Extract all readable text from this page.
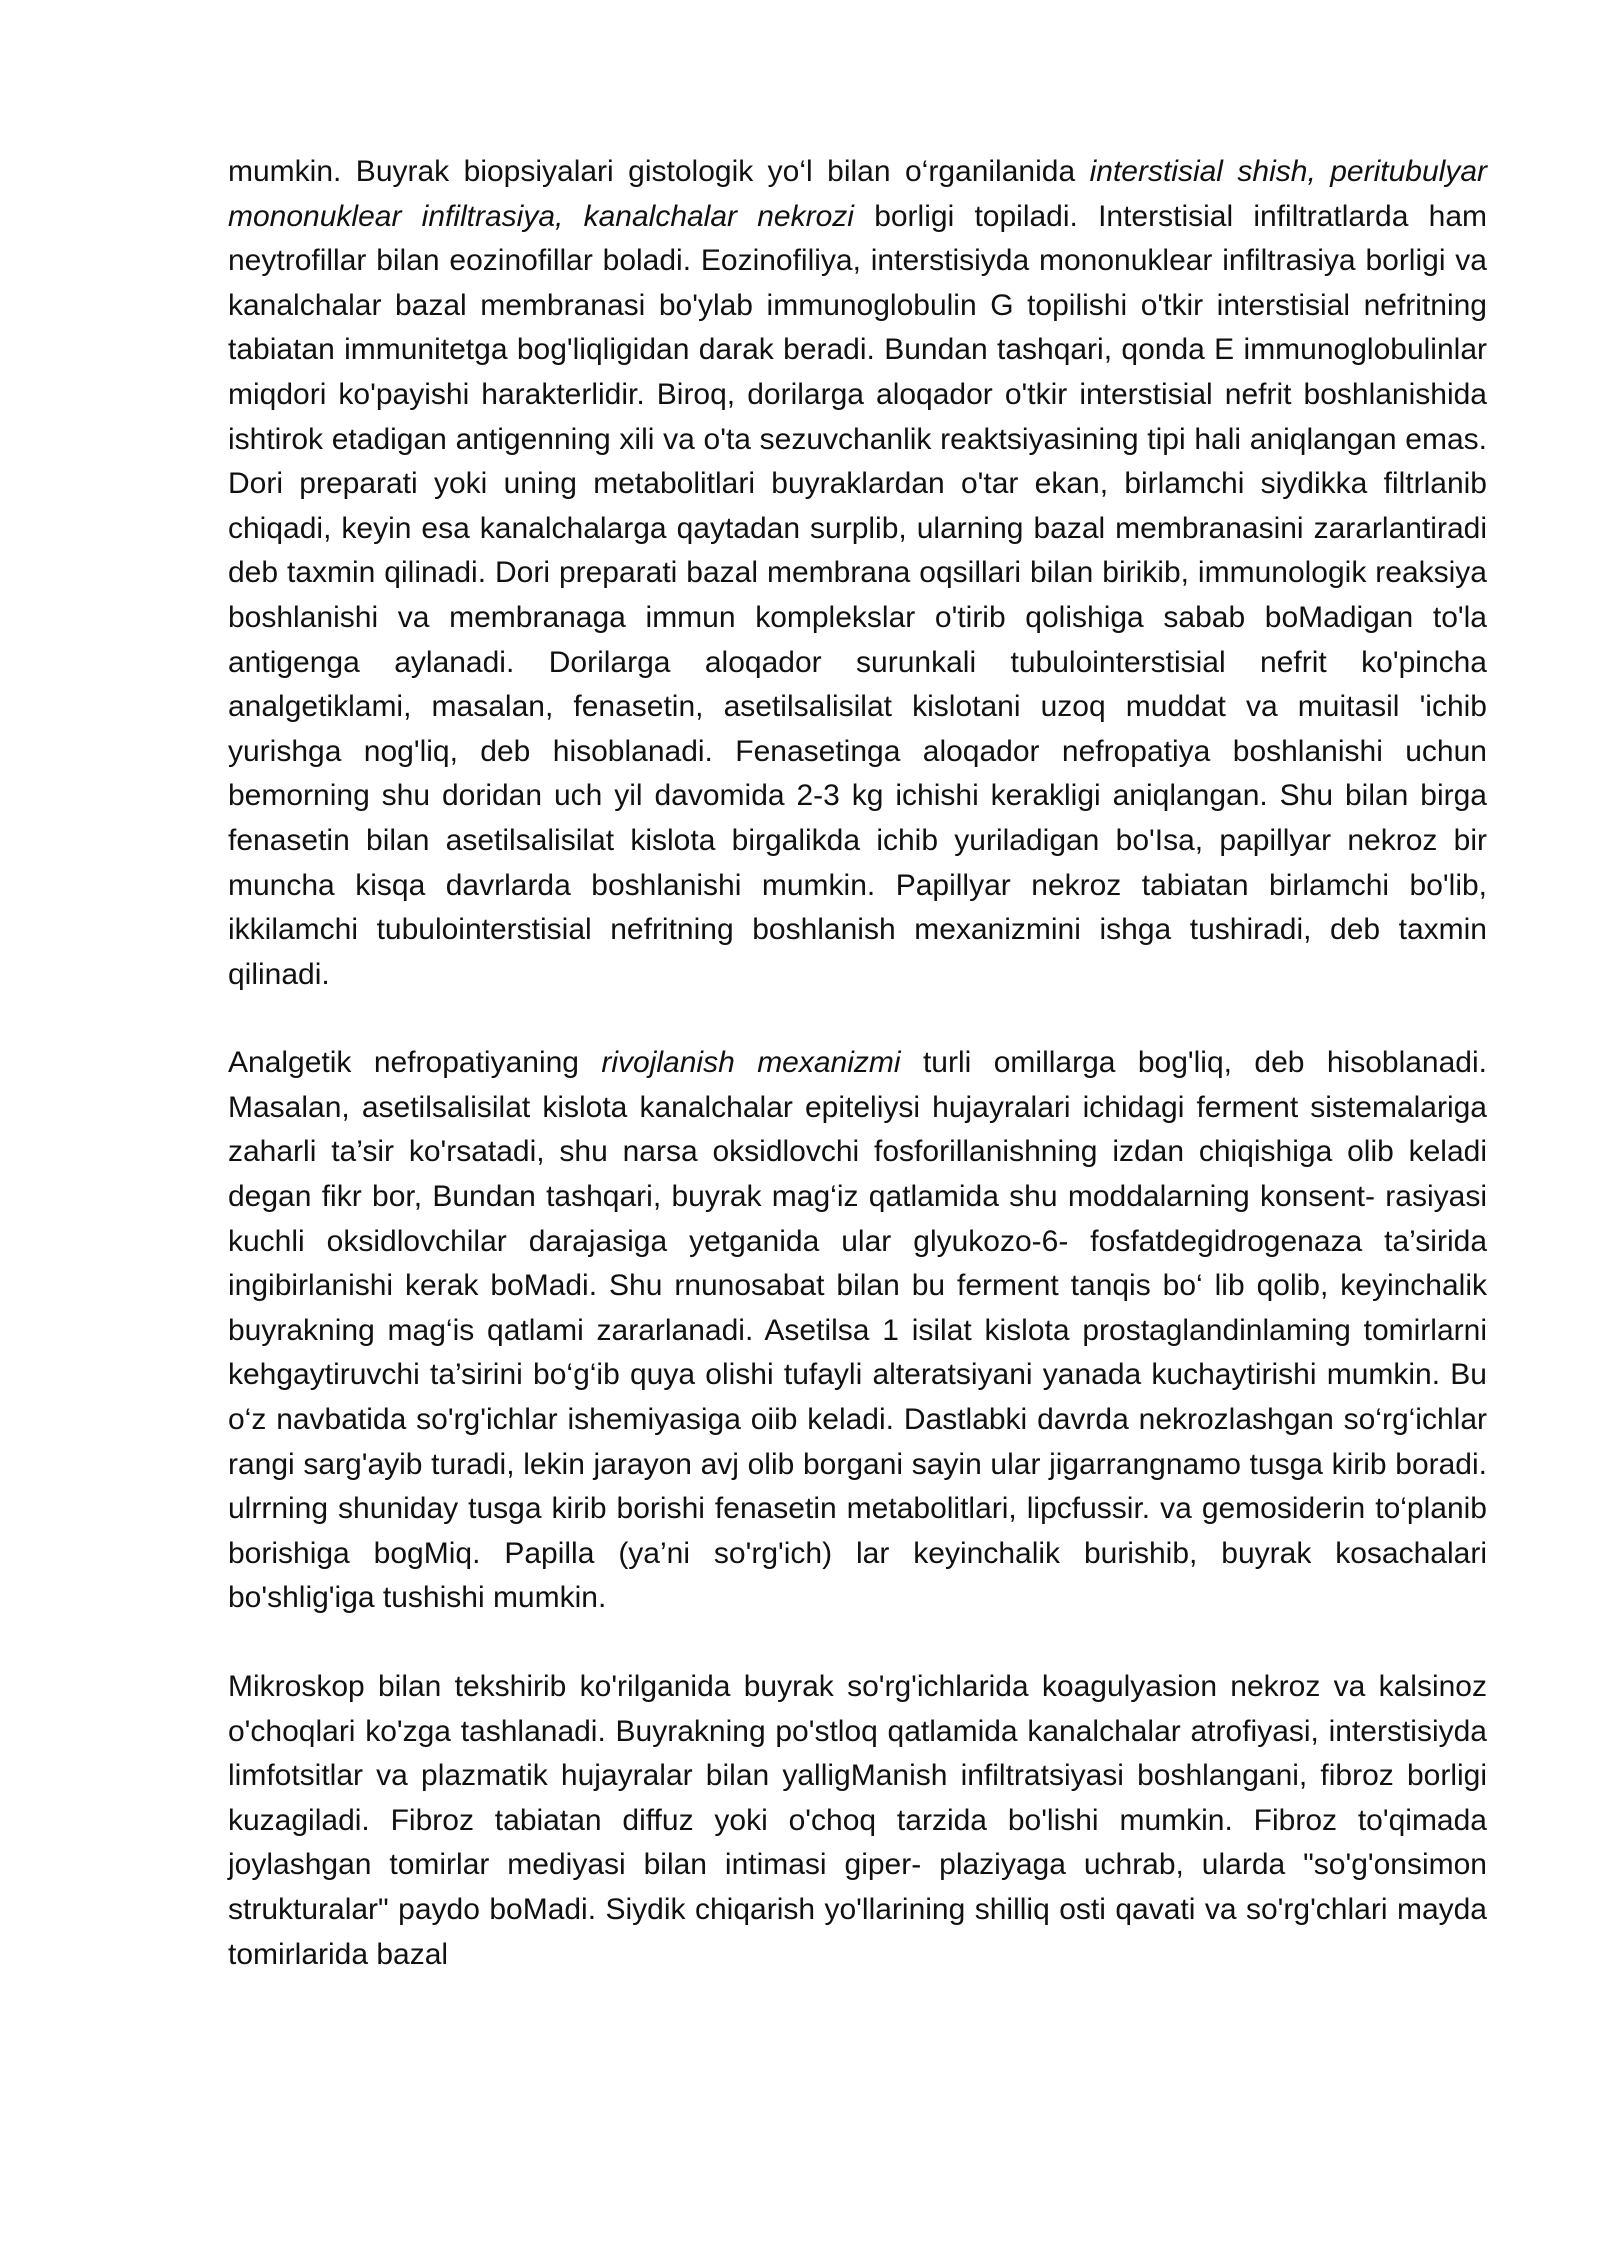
mumkin. Buyrak biopsiyalari gistologik yo‘l bilan o‘rganilanida interstisial shish, peritubulyar mononuklear infiltrasiya, kanalchalar nekrozi borligi topiladi. Interstisial infiltratlarda ham neytrofillar bilan eozinofillar boladi. Eozinofiliya, interstisiyda mononuklear infiltrasiya borligi va kanalchalar bazal membranasi bo'ylab immunoglobulin G topilishi o'tkir interstisial nefritning tabiatan immunitetga bog'liqligidan darak beradi. Bundan tashqari, qonda E immunoglobulinlar miqdori ko'payishi harakterlidir. Biroq, dorilarga aloqador o'tkir interstisial nefrit boshlanishida ishtirok etadigan antigenning xili va o'ta sezuvchanlik reaktsiyasining tipi hali aniqlangan emas. Dori preparati yoki uning metabolitlari buyraklardan o'tar ekan, birlamchi siydikka filtrlanib chiqadi, keyin esa kanalchalarga qaytadan surplib, ularning bazal membranasini zararlantiradi deb taxmin qilinadi. Dori preparati bazal membrana oqsillari bilan birikib, immunologik reaksiya boshlanishi va membranaga immun komplekslar o'tirib qolishiga sabab boMadigan to'la antigenga aylanadi. Dorilarga aloqador surunkali tubulointerstisial nefrit ko'pincha analgetiklami, masalan, fenasetin, asetilsalisilat kislotani uzoq muddat va muitasil 'ichib yurishga nog'liq, deb hisoblanadi. Fenasetinga aloqador nefropatiya boshlanishi uchun bemorning shu doridan uch yil davomida 2-3 kg ichishi kerakligi aniqlangan. Shu bilan birga fenasetin bilan asetilsalisilat kislota birgalikda ichib yuriladigan bo'Isa, papillyar nekroz bir muncha kisqa davrlarda boshlanishi mumkin. Papillyar nekroz tabiatan birlamchi bo'lib, ikkilamchi tubulointerstisial nefritning boshlanish mexanizmini ishga tushiradi, deb taxmin qilinadi.

Analgetik nefropatiyaning rivojlanish mexanizmi turli omillarga bog'liq, deb hisoblanadi. Masalan, asetilsalisilat kislota kanalchalar epiteliysi hujayralari ichidagi ferment sistemalariga zaharli ta’sir ko'rsatadi, shu narsa oksidlovchi fosforillanishning izdan chiqishiga olib keladi degan fikr bor, Bundan tashqari, buyrak mag‘iz qatlamida shu moddalarning konsent- rasiyasi kuchli oksidlovchilar darajasiga yetganida ular glyukozo-6- fosfatdegidrogenaza ta’sirida ingibirlanishi kerak boMadi. Shu rnunosabat bilan bu ferment tanqis bo‘ lib qolib, keyinchalik buyrakning mag‘is qatlami zararlanadi. Asetilsa 1 isilat kislota prostaglandinlaming tomirlarni kehgaytiruvchi ta’sirini bo‘g‘ib quya olishi tufayli alteratsiyani yanada kuchaytirishi mumkin. Bu o‘z navbatida so'rg'ichlar ishemiyasiga oiib keladi. Dastlabki davrda nekrozlashgan so‘rg‘ichlar rangi sarg'ayib turadi, lekin jarayon avj olib borgani sayin ular jigarrangnamo tusga kirib boradi. ulrrning shuniday tusga kirib borishi fenasetin metabolitlari, lipcfussir. va gemosiderin to‘planib borishiga bogMiq. Papilla (ya’ni so'rg'ich) lar keyinchalik burishib, buyrak kosachalari bo'shlig'iga tushishi mumkin.

Mikroskop bilan tekshirib ko'rilganida buyrak so'rg'ichlarida koagulyasion nekroz va kalsinoz o'choqlari ko'zga tashlanadi. Buyrakning po'stloq qatlamida kanalchalar atrofiyasi, interstisiyda limfotsitlar va plazmatik hujayralar bilan yalligManish infiltratsiyasi boshlangani, fibroz borligi kuzagiladi. Fibroz tabiatan diffuz yoki o'choq tarzida bo'lishi mumkin. Fibroz to'qimada joylashgan tomirlar mediyasi bilan intimasi giper- plaziyaga uchrab, ularda "so'g'onsimon strukturalar" paydo boMadi. Siydik chiqarish yo'llarining shilliq osti qavati va so'rg'chlari mayda tomirlarida bazal
